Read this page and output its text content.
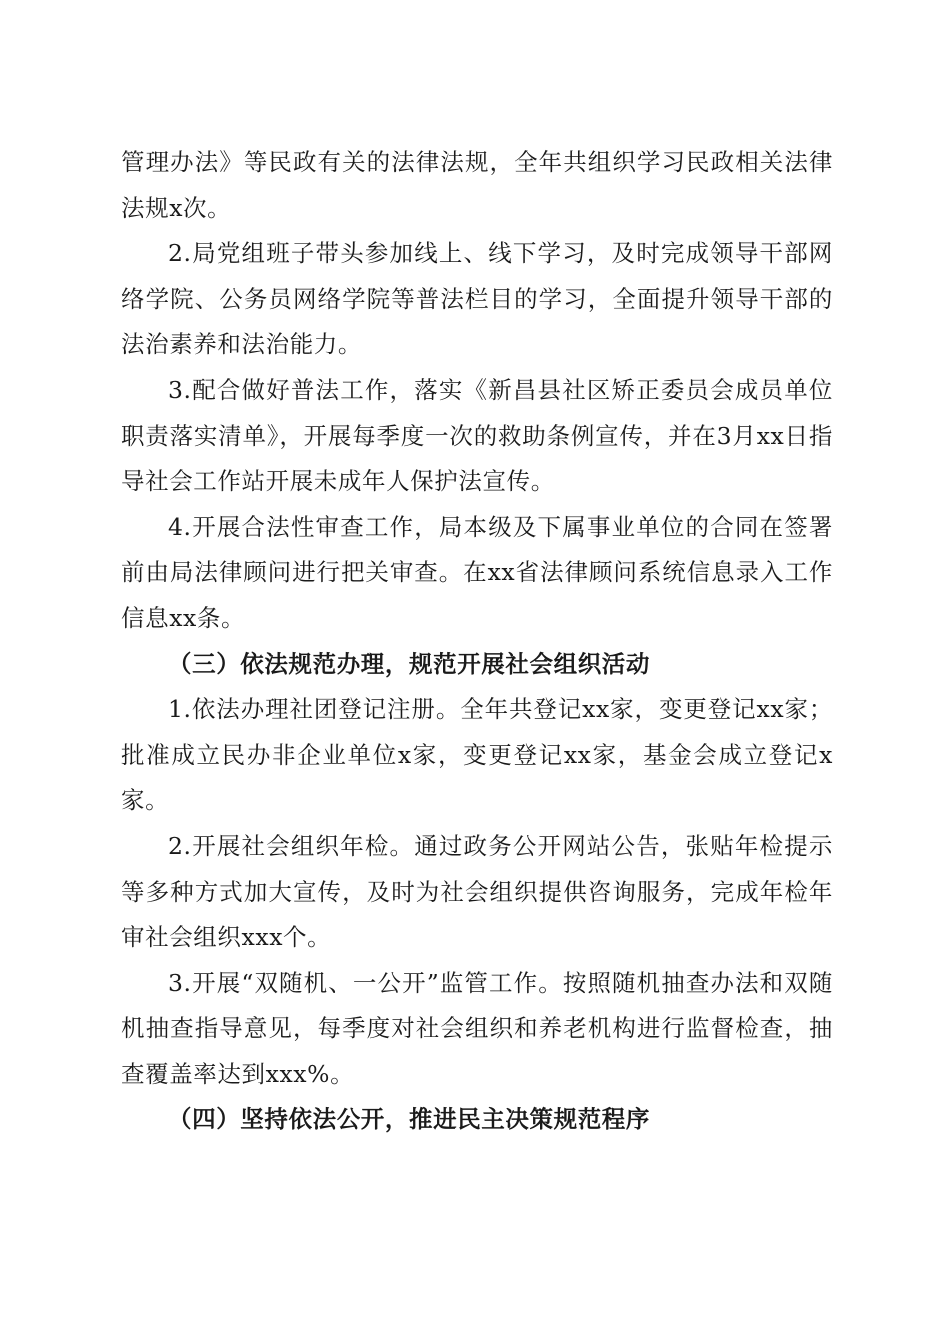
管理办法》等民政有关的法律法规，全年共组织学习民政相关法律法规x次。

2.局党组班子带头参加线上、线下学习，及时完成领导干部网络学院、公务员网络学院等普法栏目的学习，全面提升领导干部的法治素养和法治能力。

3.配合做好普法工作，落实《新昌县社区矫正委员会成员单位职责落实清单》，开展每季度一次的救助条例宣传，并在3月xx日指导社会工作站开展未成年人保护法宣传。

4.开展合法性审查工作，局本级及下属事业单位的合同在签署前由局法律顾问进行把关审查。在xx省法律顾问系统信息录入工作信息xx条。

（三）依法规范办理，规范开展社会组织活动

1.依法办理社团登记注册。全年共登记xx家，变更登记xx家；批准成立民办非企业单位x家，变更登记xx家，基金会成立登记x家。

2.开展社会组织年检。通过政务公开网站公告，张贴年检提示等多种方式加大宣传，及时为社会组织提供咨询服务，完成年检年审社会组织xxx个。

3.开展“双随机、一公开”监管工作。按照随机抽查办法和双随机抽查指导意见，每季度对社会组织和养老机构进行监督检查，抽查覆盖率达到xxx%。

（四）坚持依法公开，推进民主决策规范程序
